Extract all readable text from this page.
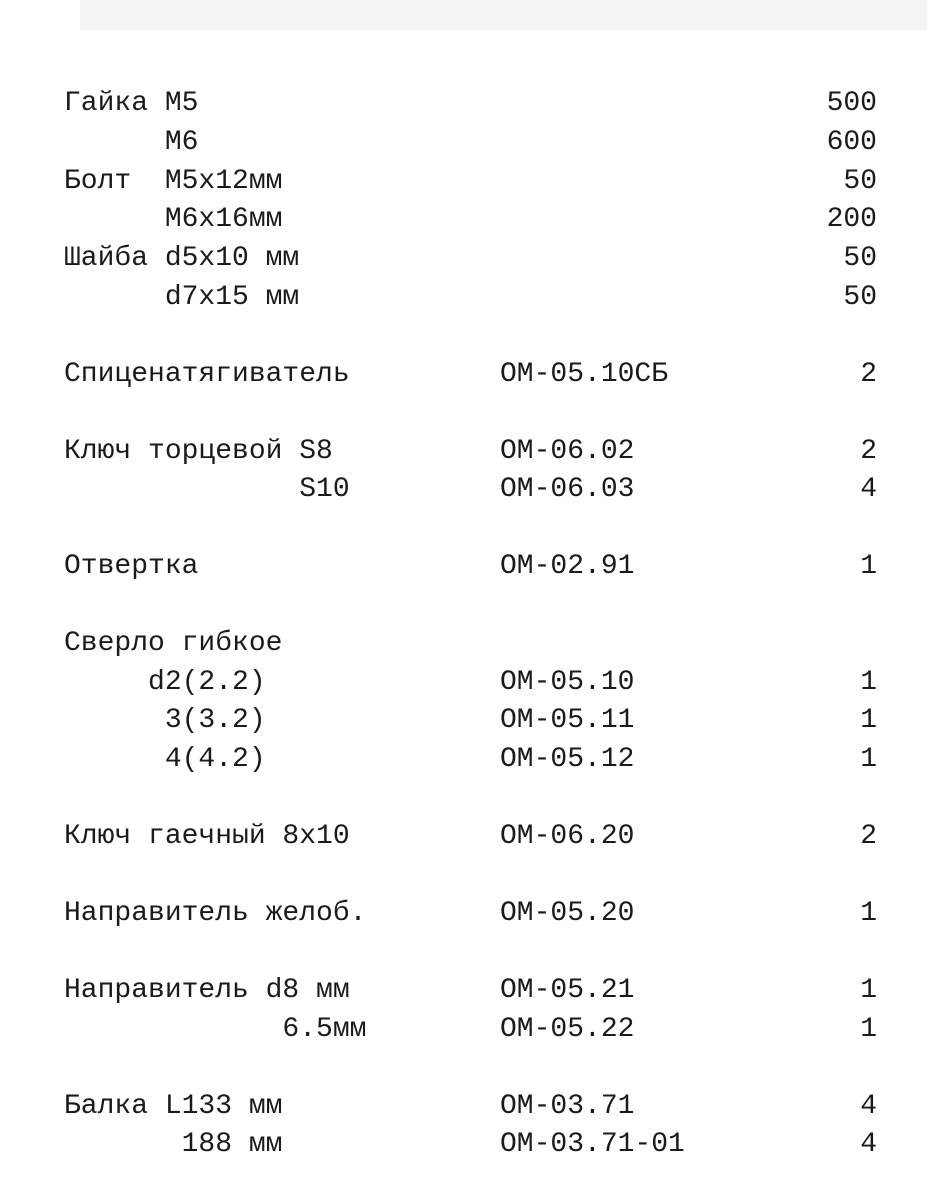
Гайка M5	500
M6	600
Болт  M5x12мм	50
M6x16мм	200
Шайба d5x10 мм	50
d7x15 мм	50
Спиценатягиватель	OM-05.10СБ	2
Ключ торцевой S8	OM-06.02	2
S10	OM-06.03	4
Отвертка	OM-02.91	1
Сверло гибкое
d2(2.2)	OM-05.10	1
3(3.2)	OM-05.11	1
4(4.2)	OM-05.12	1
Ключ гаечный 8x10	OM-06.20	2
Направитель желоб.	OM-05.20	1
Направитель d8 мм	OM-05.21	1
6.5мм	OM-05.22	1
Балка L133 мм	OM-03.71	4
188 мм	OM-03.71-01	4
